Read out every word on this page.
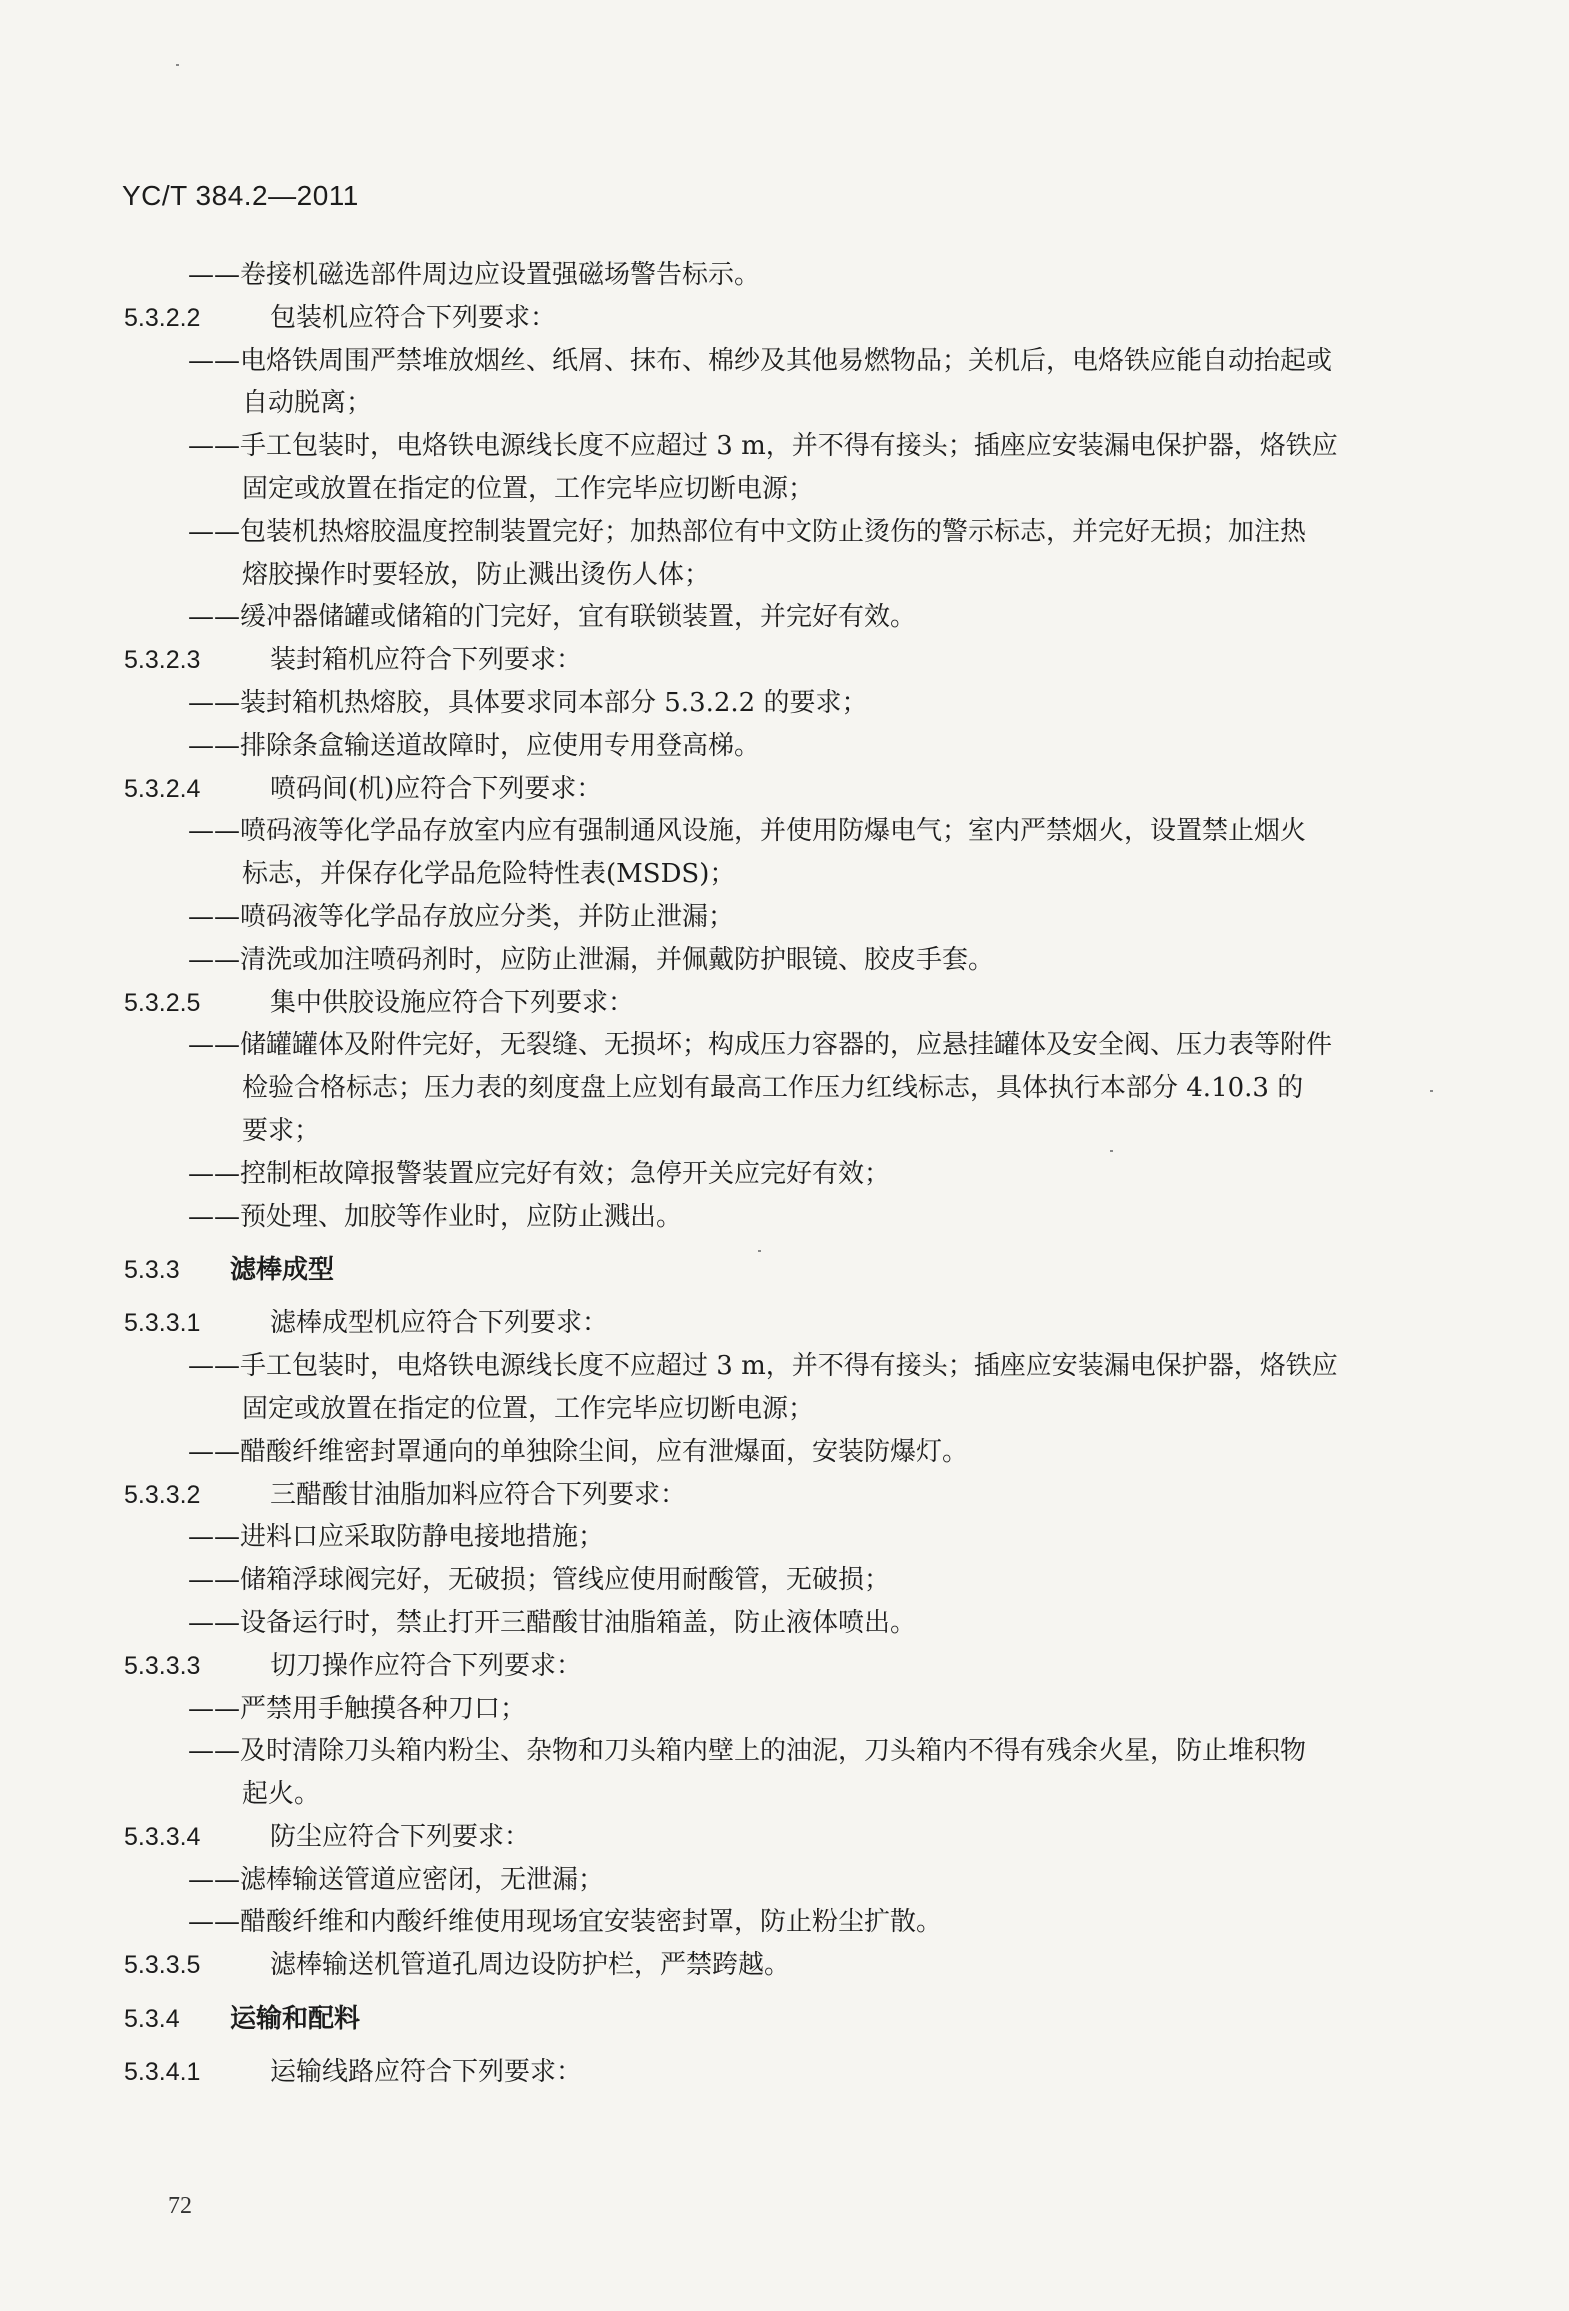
YC/T 384.2—2011
——卷接机磁选部件周边应设置强磁场警告标示。
5.3.2.2	包装机应符合下列要求：
——电烙铁周围严禁堆放烟丝、纸屑、抹布、棉纱及其他易燃物品；关机后，电烙铁应能自动抬起或
自动脱离；
——手工包装时，电烙铁电源线长度不应超过 3 m，并不得有接头；插座应安装漏电保护器，烙铁应
固定或放置在指定的位置，工作完毕应切断电源；
——包装机热熔胶温度控制装置完好；加热部位有中文防止烫伤的警示标志，并完好无损；加注热
熔胶操作时要轻放，防止溅出烫伤人体；
——缓冲器储罐或储箱的门完好，宜有联锁装置，并完好有效。
5.3.2.3	装封箱机应符合下列要求：
——装封箱机热熔胶，具体要求同本部分 5.3.2.2 的要求；
——排除条盒输送道故障时，应使用专用登高梯。
5.3.2.4	喷码间(机)应符合下列要求：
——喷码液等化学品存放室内应有强制通风设施，并使用防爆电气；室内严禁烟火，设置禁止烟火
标志，并保存化学品危险特性表(MSDS)；
——喷码液等化学品存放应分类，并防止泄漏；
——清洗或加注喷码剂时，应防止泄漏，并佩戴防护眼镜、胶皮手套。
5.3.2.5	集中供胶设施应符合下列要求：
——储罐罐体及附件完好，无裂缝、无损坏；构成压力容器的，应悬挂罐体及安全阀、压力表等附件
检验合格标志；压力表的刻度盘上应划有最高工作压力红线标志，具体执行本部分 4.10.3 的
要求；
——控制柜故障报警装置应完好有效；急停开关应完好有效；
——预处理、加胶等作业时，应防止溅出。
5.3.3 滤棒成型
5.3.3.1	滤棒成型机应符合下列要求：
——手工包装时，电烙铁电源线长度不应超过 3 m，并不得有接头；插座应安装漏电保护器，烙铁应
固定或放置在指定的位置，工作完毕应切断电源；
——醋酸纤维密封罩通向的单独除尘间，应有泄爆面，安装防爆灯。
5.3.3.2	三醋酸甘油脂加料应符合下列要求：
——进料口应采取防静电接地措施；
——储箱浮球阀完好，无破损；管线应使用耐酸管，无破损；
——设备运行时，禁止打开三醋酸甘油脂箱盖，防止液体喷出。
5.3.3.3	切刀操作应符合下列要求：
——严禁用手触摸各种刀口；
——及时清除刀头箱内粉尘、杂物和刀头箱内壁上的油泥，刀头箱内不得有残余火星，防止堆积物
起火。
5.3.3.4	防尘应符合下列要求：
——滤棒输送管道应密闭，无泄漏；
——醋酸纤维和内酸纤维使用现场宜安装密封罩，防止粉尘扩散。
5.3.3.5	滤棒输送机管道孔周边设防护栏，严禁跨越。
5.3.4 运输和配料
5.3.4.1	运输线路应符合下列要求：
72
